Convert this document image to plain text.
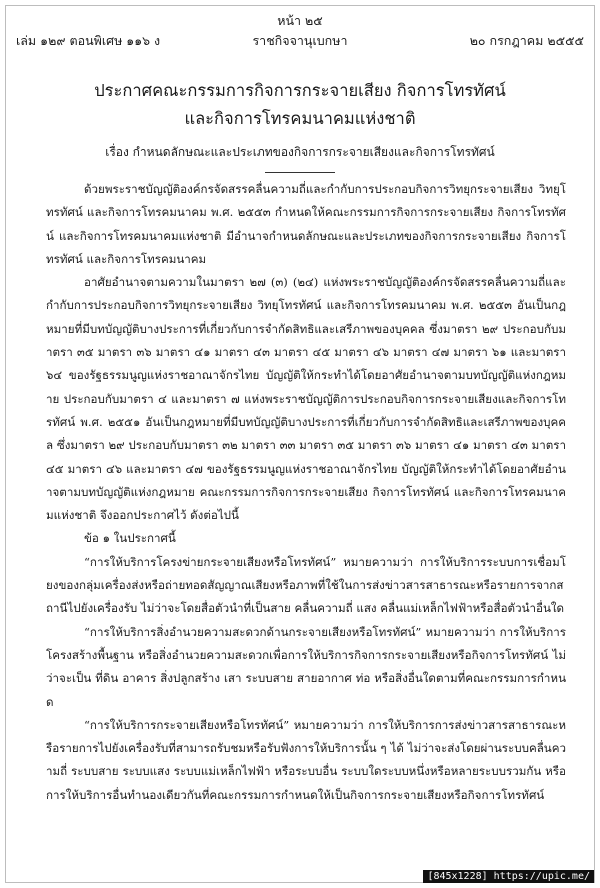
หน้า ๒๕
เล่ม ๑๒๙ ตอนพิเศษ ๑๑๖ ง	ราชกิจจานุเบกษา	๒๐ กรกฎาคม ๒๕๕๕
ประกาศคณะกรรมการกิจการกระจายเสียง กิจการโทรทัศน์
และกิจการโทรคมนาคมแห่งชาติ
เรื่อง กำหนดลักษณะและประเภทของกิจการกระจายเสียงและกิจการโทรทัศน์

ด้วยพระราชบัญญัติองค์กรจัดสรรคลื่นความถี่และกำกับการประกอบกิจการวิทยุกระจายเสียง วิทยุโทรทัศน์ และกิจการโทรคมนาคม พ.ศ. ๒๕๕๓ กำหนดให้คณะกรรมการกิจการกระจายเสียง กิจการโทรทัศน์ และกิจการโทรคมนาคมแห่งชาติ มีอำนาจกำหนดลักษณะและประเภทของกิจการกระจายเสียง กิจการโทรทัศน์ และกิจการโทรคมนาคม

อาศัยอำนาจตามความในมาตรา ๒๗ (๓) (๒๔) แห่งพระราชบัญญัติองค์กรจัดสรรคลื่นความถี่และกำกับการประกอบกิจการวิทยุกระจายเสียง วิทยุโทรทัศน์ และกิจการโทรคมนาคม พ.ศ. ๒๕๕๓ อันเป็นกฎหมายที่มีบทบัญญัติบางประการที่เกี่ยวกับการจำกัดสิทธิและเสรีภาพของบุคคล ซึ่งมาตรา ๒๙ ประกอบกับมาตรา ๓๕ มาตรา ๓๖ มาตรา ๔๑ มาตรา ๔๓ มาตรา ๔๕ มาตรา ๔๖ มาตรา ๔๗ มาตรา ๖๑ และมาตรา ๖๔ ของรัฐธรรมนูญแห่งราชอาณาจักรไทย บัญญัติให้กระทำได้โดยอาศัยอำนาจตามบทบัญญัติแห่งกฎหมาย ประกอบกับมาตรา ๔ และมาตรา ๗ แห่งพระราชบัญญัติการประกอบกิจการกระจายเสียงและกิจการโทรทัศน์ พ.ศ. ๒๕๕๑ อันเป็นกฎหมายที่มีบทบัญญัติบางประการที่เกี่ยวกับการจำกัดสิทธิและเสรีภาพของบุคคล ซึ่งมาตรา ๒๙ ประกอบกับมาตรา ๓๒ มาตรา ๓๓ มาตรา ๓๕ มาตรา ๓๖ มาตรา ๔๑ มาตรา ๔๓ มาตรา ๔๕ มาตรา ๔๖ และมาตรา ๔๗ ของรัฐธรรมนูญแห่งราชอาณาจักรไทย บัญญัติให้กระทำได้โดยอาศัยอำนาจตามบทบัญญัติแห่งกฎหมาย คณะกรรมการกิจการกระจายเสียง กิจการโทรทัศน์ และกิจการโทรคมนาคมแห่งชาติ จึงออกประกาศไว้ ดังต่อไปนี้

ข้อ ๑ ในประกาศนี้

“การให้บริการโครงข่ายกระจายเสียงหรือโทรทัศน์” หมายความว่า การให้บริการระบบการเชื่อมโยงของกลุ่มเครื่องส่งหรือถ่ายทอดสัญญาณเสียงหรือภาพที่ใช้ในการส่งข่าวสารสาธารณะหรือรายการจากสถานีไปยังเครื่องรับ ไม่ว่าจะโดยสื่อตัวนำที่เป็นสาย คลื่นความถี่ แสง คลื่นแม่เหล็กไฟฟ้าหรือสื่อตัวนำอื่นใด

“การให้บริการสิ่งอำนวยความสะดวกด้านกระจายเสียงหรือโทรทัศน์” หมายความว่า การให้บริการโครงสร้างพื้นฐาน หรือสิ่งอำนวยความสะดวกเพื่อการให้บริการกิจการกระจายเสียงหรือกิจการโทรทัศน์ ไม่ว่าจะเป็น ที่ดิน อาคาร สิ่งปลูกสร้าง เสา ระบบสาย สายอากาศ ท่อ หรือสิ่งอื่นใดตามที่คณะกรรมการกำหนด

“การให้บริการกระจายเสียงหรือโทรทัศน์” หมายความว่า การให้บริการการส่งข่าวสารสาธารณะหรือรายการไปยังเครื่องรับที่สามารถรับชมหรือรับฟังการให้บริการนั้น ๆ ได้ ไม่ว่าจะส่งโดยผ่านระบบคลื่นความถี่ ระบบสาย ระบบแสง ระบบแม่เหล็กไฟฟ้า หรือระบบอื่น ระบบใดระบบหนึ่งหรือหลายระบบรวมกัน หรือการให้บริการอื่นทำนองเดียวกันที่คณะกรรมการกำหนดให้เป็นกิจการกระจายเสียงหรือกิจการโทรทัศน์

[845x1228] https://upic.me/
